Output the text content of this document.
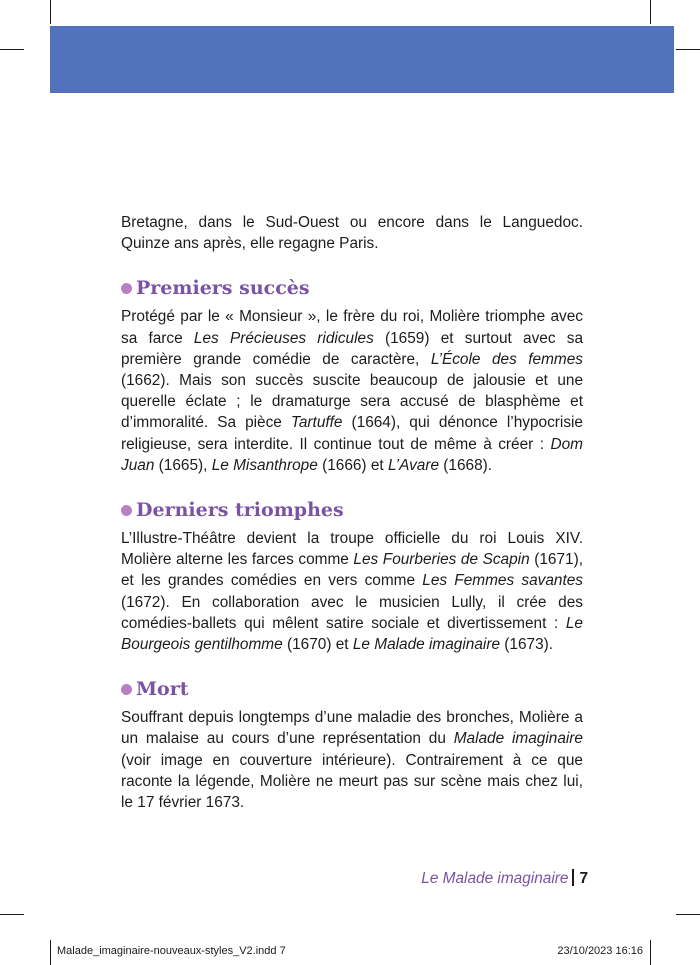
Bretagne, dans le Sud-Ouest ou encore dans le Languedoc. Quinze ans après, elle regagne Paris.

Premiers succès

Protégé par le « Monsieur », le frère du roi, Molière triomphe avec sa farce Les Précieuses ridicules (1659) et surtout avec sa première grande comédie de caractère, L’École des femmes (1662). Mais son succès suscite beaucoup de jalousie et une querelle éclate ; le dramaturge sera accusé de blasphème et d’immoralité. Sa pièce Tartuffe (1664), qui dénonce l’hypocrisie religieuse, sera interdite. Il continue tout de même à créer : Dom Juan (1665), Le Misanthrope (1666) et L’Avare (1668).

Derniers triomphes

L’Illustre-Théâtre devient la troupe officielle du roi Louis XIV. Molière alterne les farces comme Les Fourberies de Scapin (1671), et les grandes comédies en vers comme Les Femmes savantes (1672). En collaboration avec le musicien Lully, il crée des comédies-ballets qui mêlent satire sociale et divertissement : Le Bourgeois gentilhomme (1670) et Le Malade imaginaire (1673).

Mort

Souffrant depuis longtemps d’une maladie des bronches, Molière a un malaise au cours d’une représentation du Malade imaginaire (voir image en couverture intérieure). Contrairement à ce que raconte la légende, Molière ne meurt pas sur scène mais chez lui, le 17 février 1673.

Le Malade imaginaire 7
Malade_imaginaire-nouveaux-styles_V2.indd 7	23/10/2023 16:16
